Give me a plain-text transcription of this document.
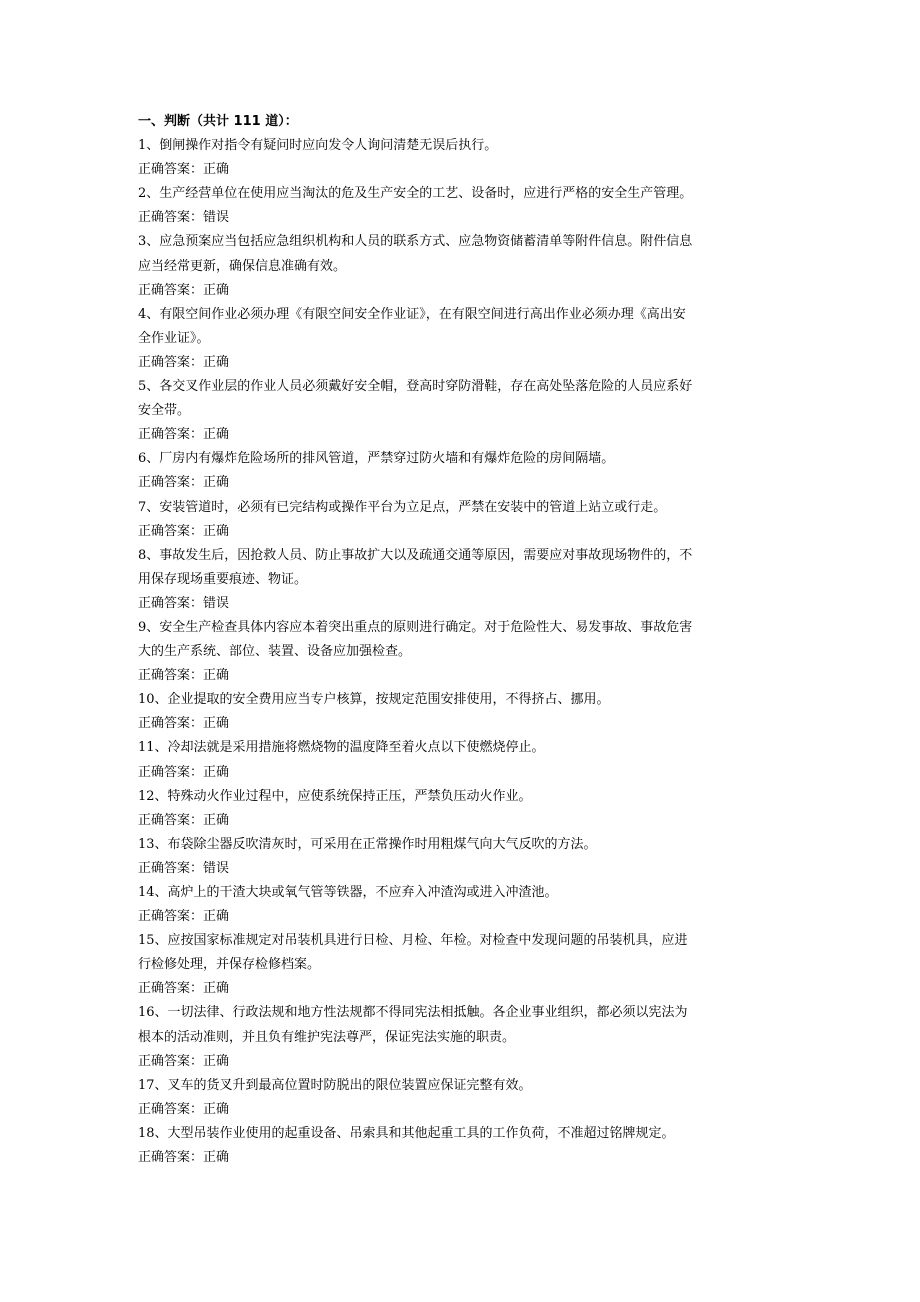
一、判断（共计 111 道）：
1、倒闸操作对指令有疑问时应向发令人询问清楚无误后执行。
正确答案：正确
2、生产经营单位在使用应当淘汰的危及生产安全的工艺、设备时，应进行严格的安全生产管理。
正确答案：错误
3、应急预案应当包括应急组织机构和人员的联系方式、应急物资储蓄清单等附件信息。附件信息
应当经常更新，确保信息准确有效。
正确答案：正确
4、有限空间作业必须办理《有限空间安全作业证》，在有限空间进行高出作业必须办理《高出安
全作业证》。
正确答案：正确
5、各交叉作业层的作业人员必须戴好安全帽，登高时穿防滑鞋，存在高处坠落危险的人员应系好
安全带。
正确答案：正确
6、厂房内有爆炸危险场所的排风管道，严禁穿过防火墙和有爆炸危险的房间隔墙。
正确答案：正确
7、安装管道时，必须有已完结构或操作平台为立足点，严禁在安装中的管道上站立或行走。
正确答案：正确
8、事故发生后，因抢救人员、防止事故扩大以及疏通交通等原因，需要应对事故现场物件的，不
用保存现场重要痕迹、物证。
正确答案：错误
9、安全生产检查具体内容应本着突出重点的原则进行确定。对于危险性大、易发事故、事故危害
大的生产系统、部位、装置、设备应加强检查。
正确答案：正确
10、企业提取的安全费用应当专户核算，按规定范围安排使用，不得挤占、挪用。
正确答案：正确
11、冷却法就是采用措施将燃烧物的温度降至着火点以下使燃烧停止。
正确答案：正确
12、特殊动火作业过程中，应使系统保持正压，严禁负压动火作业。
正确答案：正确
13、布袋除尘器反吹清灰时，可采用在正常操作时用粗煤气向大气反吹的方法。
正确答案：错误
14、高炉上的干渣大块或氧气管等铁器，不应弃入冲渣沟或进入冲渣池。
正确答案：正确
15、应按国家标准规定对吊装机具进行日检、月检、年检。对检查中发现问题的吊装机具，应进
行检修处理，并保存检修档案。
正确答案：正确
16、一切法律、行政法规和地方性法规都不得同宪法相抵触。各企业事业组织，都必须以宪法为
根本的活动准则，并且负有维护宪法尊严，保证宪法实施的职责。
正确答案：正确
17、叉车的货叉升到最高位置时防脱出的限位装置应保证完整有效。
正确答案：正确
18、大型吊装作业使用的起重设备、吊索具和其他起重工具的工作负荷，不准超过铭牌规定。
正确答案：正确
